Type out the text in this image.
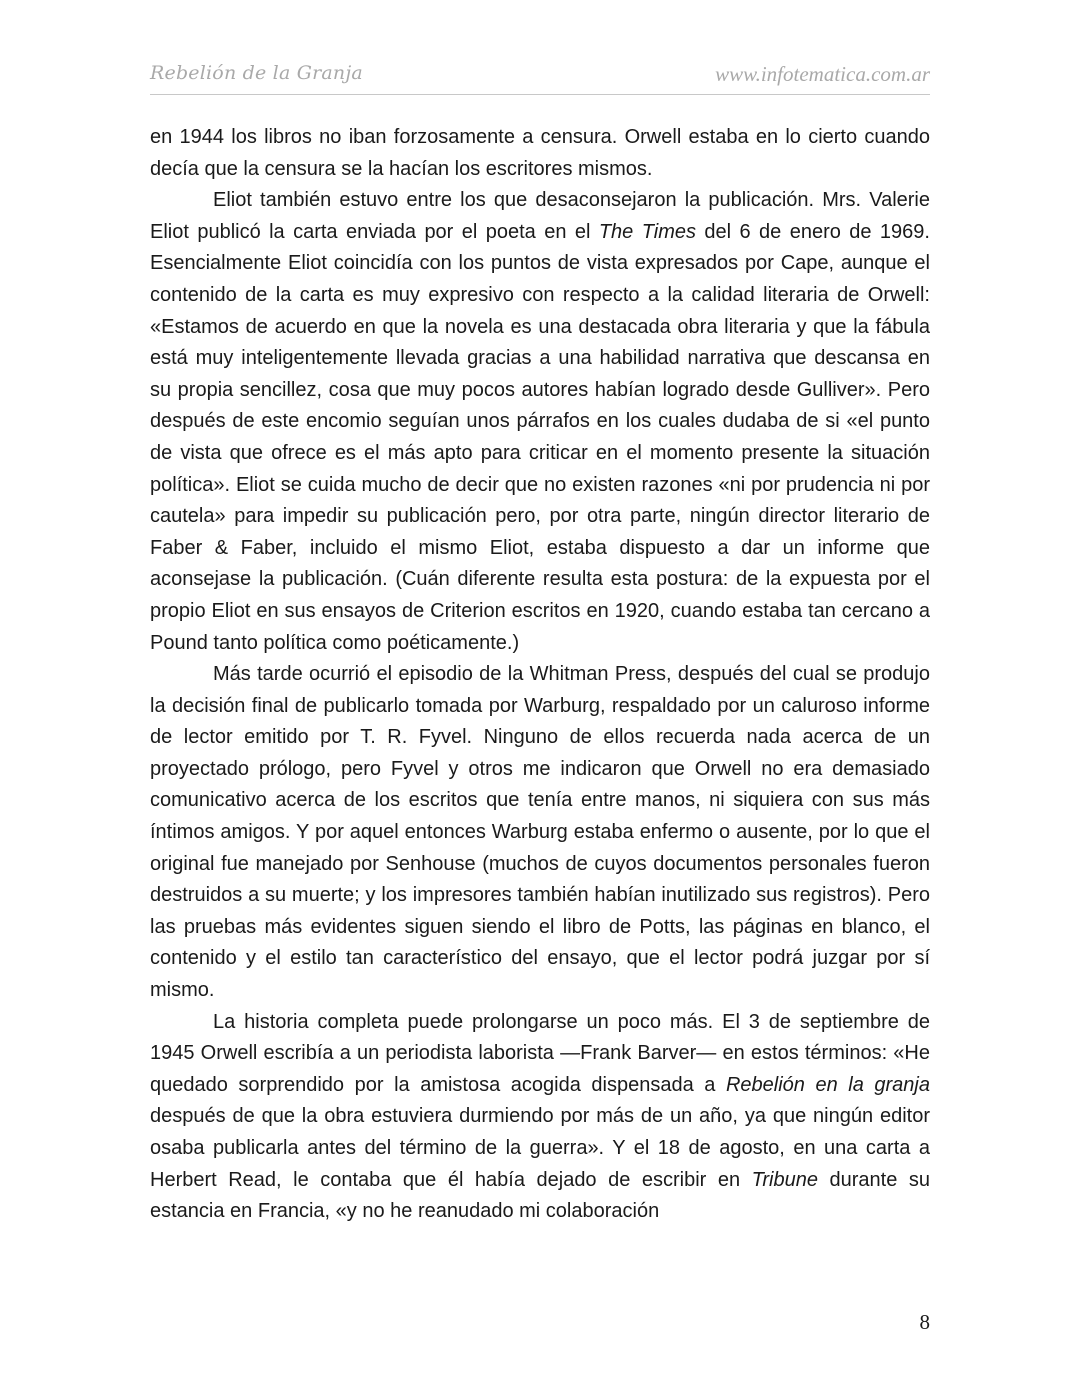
Rebelión de la Granja	www.infotematica.com.ar

en 1944 los libros no iban forzosamente a censura. Orwell estaba en lo cierto cuando decía que la censura se la hacían los escritores mismos.

Eliot también estuvo entre los que desaconsejaron la publicación. Mrs. Valerie Eliot publicó la carta enviada por el poeta en el The Times del 6 de enero de 1969. Esencialmente Eliot coincidía con los puntos de vista expresados por Cape, aunque el contenido de la carta es muy expresivo con respecto a la calidad literaria de Orwell: «Estamos de acuerdo en que la novela es una destacada obra literaria y que la fábula está muy inteligentemente llevada gracias a una habilidad narrativa que descansa en su propia sencillez, cosa que muy pocos autores habían logrado desde Gulliver». Pero después de este encomio seguían unos párrafos en los cuales dudaba de si «el punto de vista que ofrece es el más apto para criticar en el momento presente la situación política». Eliot se cuida mucho de decir que no existen razones «ni por prudencia ni por cautela» para impedir su publicación pero, por otra parte, ningún director literario de Faber & Faber, incluido el mismo Eliot, estaba dispuesto a dar un informe que aconsejase la publicación. (Cuán diferente resulta esta postura: de la expuesta por el propio Eliot en sus ensayos de Criterion escritos en 1920, cuando estaba tan cercano a Pound tanto política como poéticamente.)

Más tarde ocurrió el episodio de la Whitman Press, después del cual se produjo la decisión final de publicarlo tomada por Warburg, respaldado por un caluroso informe de lector emitido por T. R. Fyvel. Ninguno de ellos recuerda nada acerca de un proyectado prólogo, pero Fyvel y otros me indicaron que Orwell no era demasiado comunicativo acerca de los escritos que tenía entre manos, ni siquiera con sus más íntimos amigos. Y por aquel entonces Warburg estaba enfermo o ausente, por lo que el original fue manejado por Senhouse (muchos de cuyos documentos personales fueron destruidos a su muerte; y los impresores también habían inutilizado sus registros). Pero las pruebas más evidentes siguen siendo el libro de Potts, las páginas en blanco, el contenido y el estilo tan característico del ensayo, que el lector podrá juzgar por sí mismo.

La historia completa puede prolongarse un poco más. El 3 de septiembre de 1945 Orwell escribía a un periodista laborista —Frank Barver— en estos términos: «He quedado sorprendido por la amistosa acogida dispensada a Rebelión en la granja después de que la obra estuviera durmiendo por más de un año, ya que ningún editor osaba publicarla antes del término de la guerra». Y el 18 de agosto, en una carta a Herbert Read, le contaba que él había dejado de escribir en Tribune durante su estancia en Francia, «y no he reanudado mi colaboración

8
